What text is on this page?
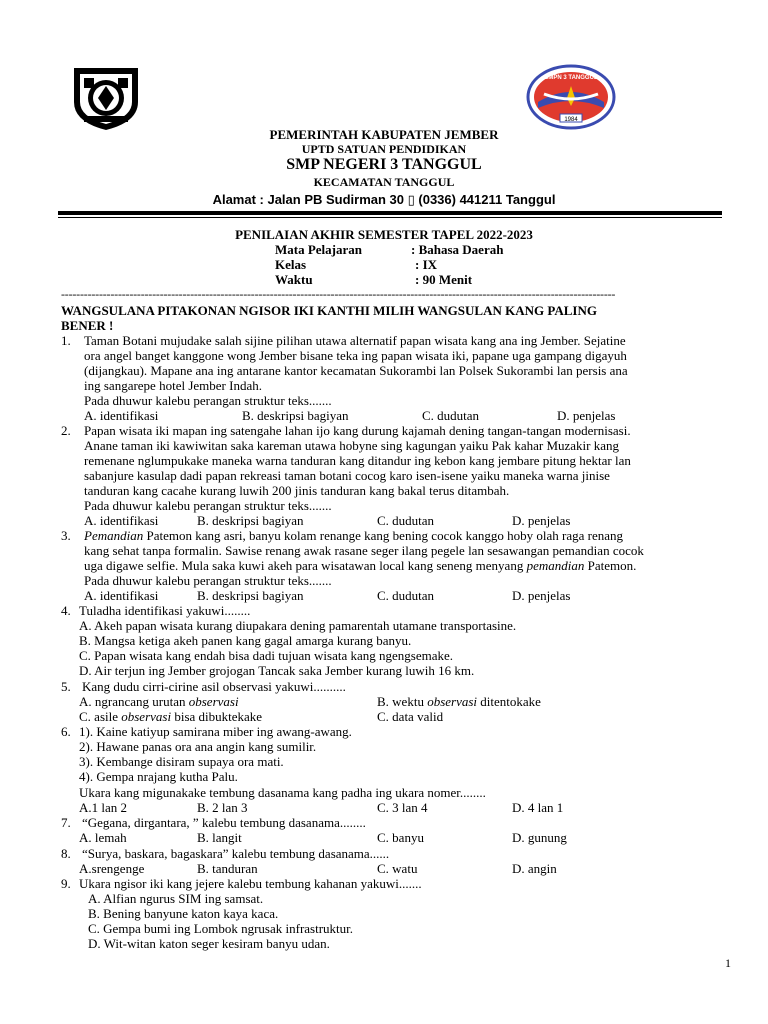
1984
SMPN 3 TANGGUL
PEMERINTAH KABUPATEN JEMBER
UPTD SATUAN PENDIDIKAN
SMP NEGERI 3 TANGGUL
KECAMATAN TANGGUL
Alamat : Jalan PB Sudirman 30 ▯ (0336) 441211 Tanggul
PENILAIAN AKHIR SEMESTER TAPEL 2022-2023
Mata Pelajaran	: Bahasa Daerah
Kelas	: IX
Waktu	: 90 Menit
--------------------------------------------------------------------------------------------------------------------------------------------------
WANGSULANA PITAKONAN NGISOR IKI KANTHI MILIH WANGSULAN KANG PALING
BENER !
1. Taman Botani mujudake salah sijine pilihan utawa alternatif papan wisata kang ana ing Jember. Sejatine
ora angel banget kanggone wong Jember bisane teka ing papan wisata iki, papane uga gampang digayuh
(dijangkau). Mapane ana ing antarane kantor kecamatan Sukorambi lan Polsek Sukorambi lan persis ana
ing sangarepe hotel Jember Indah.
Pada dhuwur kalebu perangan struktur teks.......
A. identifikasi	B. deskripsi bagiyan	C. dudutan	D. penjelas
2. Papan wisata iki mapan ing satengahe lahan ijo kang durung kajamah dening tangan-tangan modernisasi.
Anane taman iki kawiwitan saka kareman utawa hobyne sing kagungan yaiku Pak kahar Muzakir kang
remenane nglumpukake maneka warna tanduran kang ditandur ing kebon kang jembare pitung hektar lan
sabanjure kasulap dadi papan rekreasi taman botani cocog karo isen-isene yaiku maneka warna jinise
tanduran kang cacahe kurang luwih 200 jinis tanduran kang bakal terus ditambah.
Pada dhuwur kalebu perangan struktur teks.......
A. identifikasi	B. deskripsi bagiyan	C. dudutan	D. penjelas
3. Pemandian Patemon kang asri, banyu kolam renange kang bening cocok kanggo hoby olah raga renang
kang sehat tanpa formalin. Sawise renang awak rasane seger ilang pegele lan sesawangan pemandian cocok
uga digawe selfie. Mula saka kuwi akeh para wisatawan local kang seneng menyang pemandian Patemon.
Pada dhuwur kalebu perangan struktur teks.......
A. identifikasi	B. deskripsi bagiyan	C. dudutan	D. penjelas
4. Tuladha identifikasi yakuwi........
A. Akeh papan wisata kurang diupakara dening pamarentah utamane transportasine.
B. Mangsa ketiga akeh panen kang gagal amarga kurang banyu.
C. Papan wisata kang endah bisa dadi tujuan wisata kang ngengsemake.
D. Air terjun ing Jember grojogan Tancak saka Jember kurang luwih 16 km.
5. Kang dudu cirri-cirine asil observasi yakuwi..........
A. ngrancang urutan observasi	B. wektu observasi ditentokake
C. asile observasi bisa dibuktekake	C. data valid
6. 1). Kaine katiyup samirana miber ing awang-awang.
2). Hawane panas ora ana angin kang sumilir.
3). Kembange disiram supaya ora mati.
4). Gempa nrajang kutha Palu.
Ukara kang migunakake tembung dasanama kang padha ing ukara nomer........
A.1 lan 2	B. 2 lan 3	C. 3 lan 4	D. 4 lan 1
7. “Gegana, dirgantara, ” kalebu tembung dasanama........
A. lemah	B. langit	C. banyu	D. gunung
8. “Surya, baskara, bagaskara” kalebu tembung dasanama......
A.srengenge	B. tanduran	C. watu	D. angin
9. Ukara ngisor iki kang jejere kalebu tembung kahanan yakuwi.......
A. Alfian ngurus SIM ing samsat.
B. Bening banyune katon kaya kaca.
C. Gempa bumi ing Lombok ngrusak infrastruktur.
D. Wit-witan katon seger kesiram banyu udan.
1
